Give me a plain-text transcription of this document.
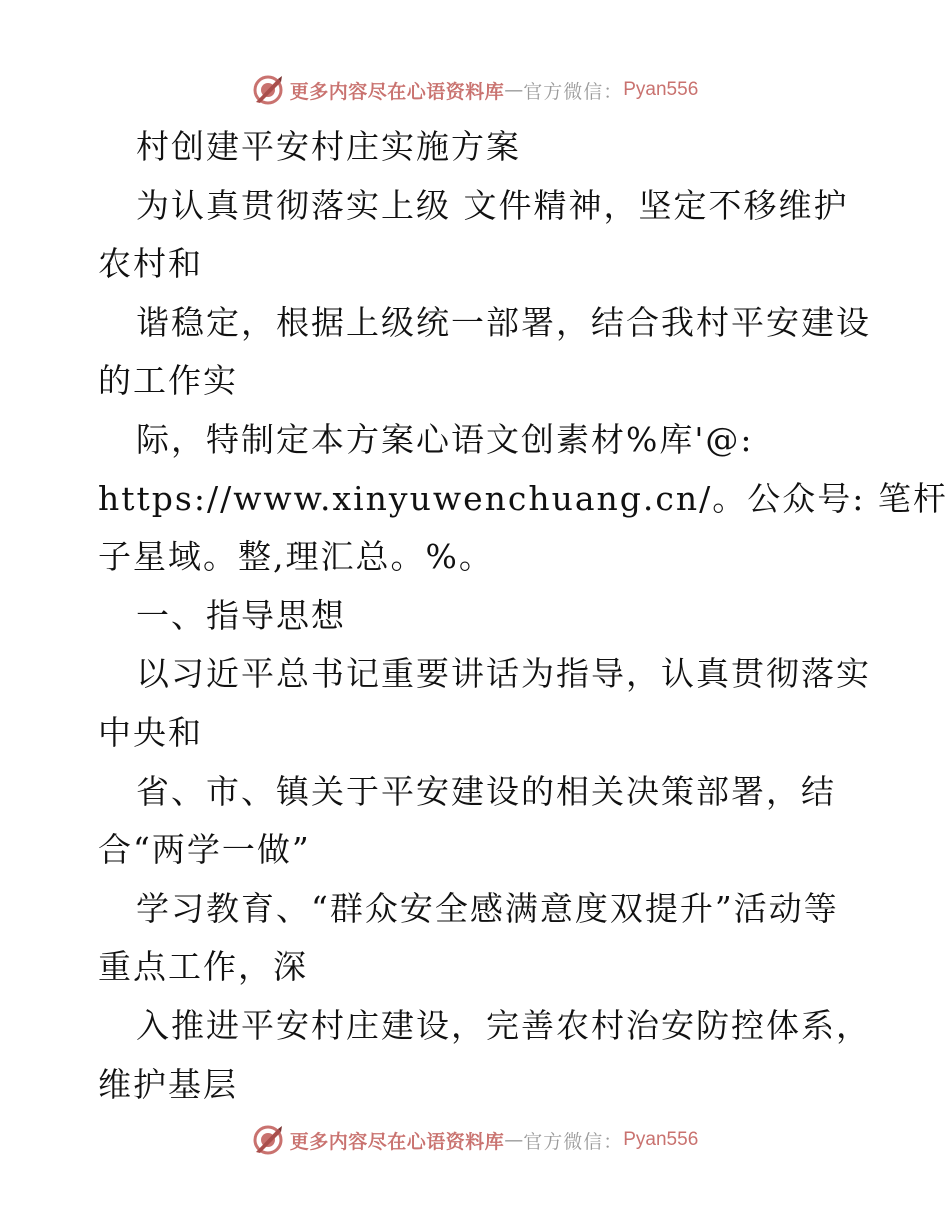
更多内容尽在心语资料库 — 官方微信： Pyan556
村创建平安村庄实施方案
为认真贯彻落实上级 文件精神，坚定不移维护
农村和
谐稳定，根据上级统一部署，结合我村平安建设
的工作实
际，特制定本方案心语文创素材%库'@:
https://www.xinyuwenchuang.cn/。公众号: 笔杆
子星域。整,理汇总。%。
一、指导思想
以习近平总书记重要讲话为指导，认真贯彻落实
中央和
省、市、镇关于平安建设的相关决策部署，结
合“两学一做”
学习教育、“群众安全感满意度双提升”活动等
重点工作，深
入推进平安村庄建设，完善农村治安防控体系，
维护基层
更多内容尽在心语资料库 — 官方微信： Pyan556
